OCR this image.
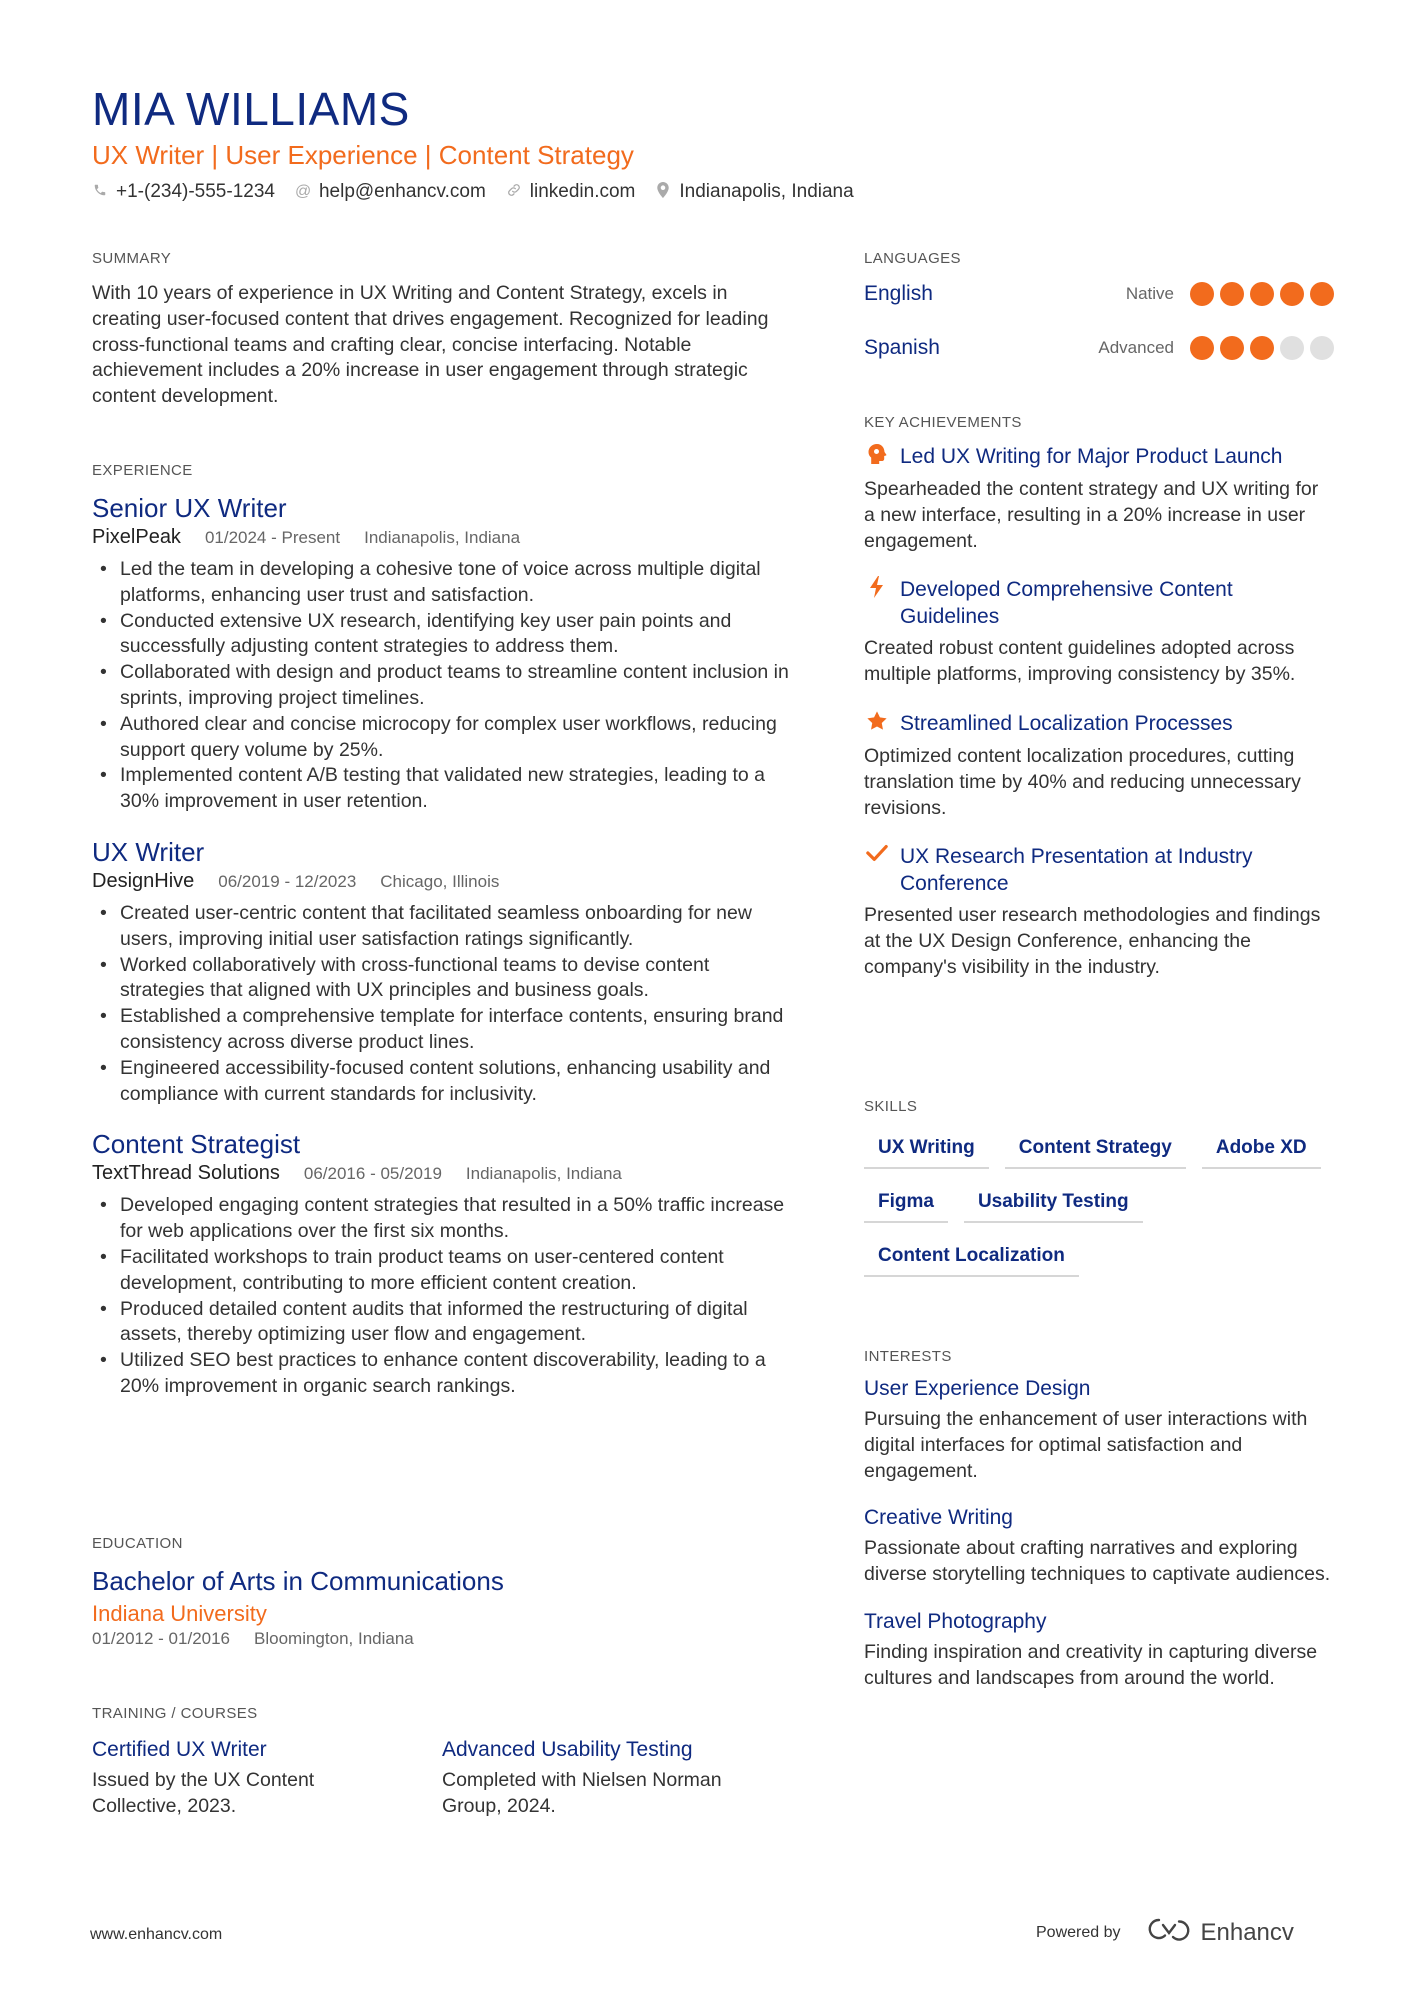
MIA WILLIAMS
UX Writer | User Experience | Content Strategy
+1-(234)-555-1234 @ help@enhancv.com linkedin.com Indianapolis, Indiana
SUMMARY
With 10 years of experience in UX Writing and Content Strategy, excels in creating user-focused content that drives engagement. Recognized for leading cross-functional teams and crafting clear, concise interfacing. Notable achievement includes a 20% increase in user engagement through strategic content development.
EXPERIENCE
Senior UX Writer
PixelPeak 01/2024 - Present Indianapolis, Indiana
• Led the team in developing a cohesive tone of voice across multiple digital platforms, enhancing user trust and satisfaction.
• Conducted extensive UX research, identifying key user pain points and successfully adjusting content strategies to address them.
• Collaborated with design and product teams to streamline content inclusion in sprints, improving project timelines.
• Authored clear and concise microcopy for complex user workflows, reducing support query volume by 25%.
• Implemented content A/B testing that validated new strategies, leading to a 30% improvement in user retention.
UX Writer
DesignHive 06/2019 - 12/2023 Chicago, Illinois
• Created user-centric content that facilitated seamless onboarding for new users, improving initial user satisfaction ratings significantly.
• Worked collaboratively with cross-functional teams to devise content strategies that aligned with UX principles and business goals.
• Established a comprehensive template for interface contents, ensuring brand consistency across diverse product lines.
• Engineered accessibility-focused content solutions, enhancing usability and compliance with current standards for inclusivity.
Content Strategist
TextThread Solutions 06/2016 - 05/2019 Indianapolis, Indiana
• Developed engaging content strategies that resulted in a 50% traffic increase for web applications over the first six months.
• Facilitated workshops to train product teams on user-centered content development, contributing to more efficient content creation.
• Produced detailed content audits that informed the restructuring of digital assets, thereby optimizing user flow and engagement.
• Utilized SEO best practices to enhance content discoverability, leading to a 20% improvement in organic search rankings.
EDUCATION
Bachelor of Arts in Communications
Indiana University
01/2012 - 01/2016 Bloomington, Indiana
TRAINING / COURSES
Certified UX Writer
Issued by the UX Content Collective, 2023.
Advanced Usability Testing
Completed with Nielsen Norman Group, 2024.
LANGUAGES
English	Native
Spanish	Advanced
KEY ACHIEVEMENTS
Led UX Writing for Major Product Launch
Spearheaded the content strategy and UX writing for a new interface, resulting in a 20% increase in user engagement.
Developed Comprehensive Content Guidelines
Created robust content guidelines adopted across multiple platforms, improving consistency by 35%.
Streamlined Localization Processes
Optimized content localization procedures, cutting translation time by 40% and reducing unnecessary revisions.
UX Research Presentation at Industry Conference
Presented user research methodologies and findings at the UX Design Conference, enhancing the company's visibility in the industry.
SKILLS
UX Writing	Content Strategy	Adobe XD
Figma	Usability Testing
Content Localization
INTERESTS
User Experience Design
Pursuing the enhancement of user interactions with digital interfaces for optimal satisfaction and engagement.
Creative Writing
Passionate about crafting narratives and exploring diverse storytelling techniques to captivate audiences.
Travel Photography
Finding inspiration and creativity in capturing diverse cultures and landscapes from around the world.
www.enhancv.com	Powered by	Enhancv
